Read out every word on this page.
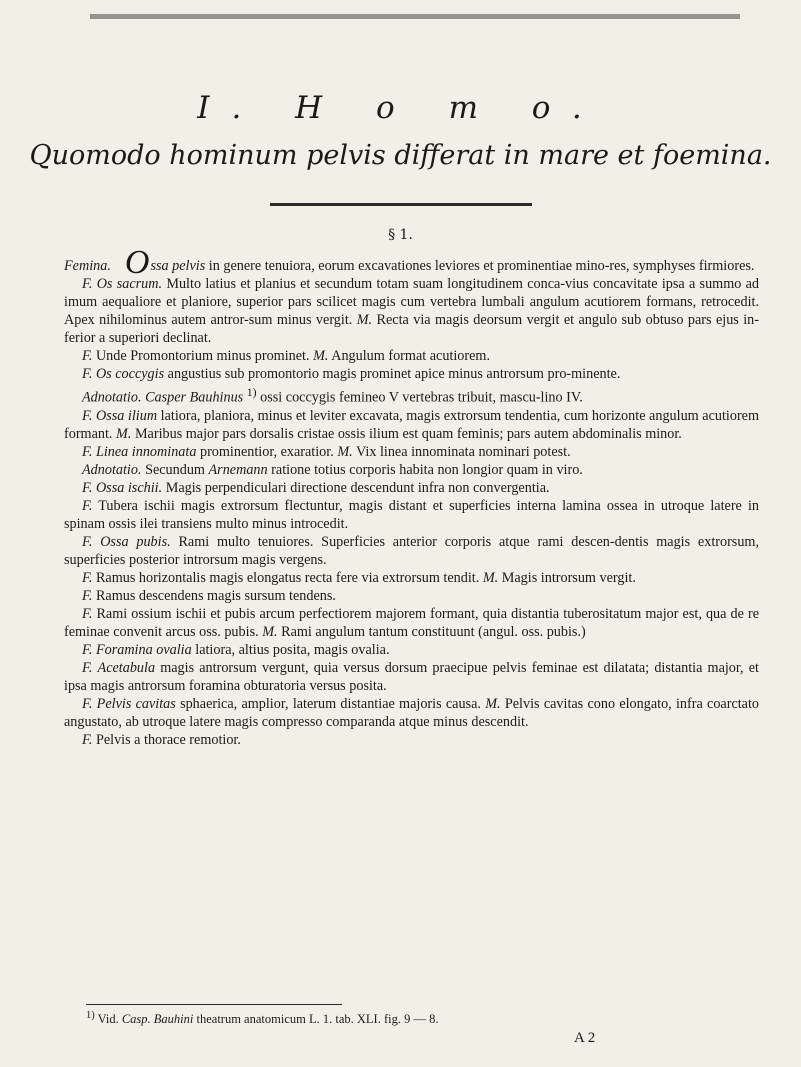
I. H o m o.
Quomodo hominum pelvis differat in mare et foemina.
§ 1.

Femina. Ossa pelvis in genere tenuiora, eorum excavationes leviores et prominentiae mino-res, symphyses firmiores.

F. Os sacrum. Multo latius et planius et secundum totam suam longitudinem conca-vius concavitate ipsa a summo ad imum aequaliore et planiore, superior pars scilicet magis cum vertebra lumbali angulum acutiorem formans, retrocedit. Apex nihilominus autem antror-sum minus vergit. M. Recta via magis deorsum vergit et angulo sub obtuso pars ejus in-ferior a superiori declinat.

F. Unde Promontorium minus prominet. M. Angulum format acutiorem.

F. Os coccygis angustius sub promontorio magis prominet apice minus antrorsum pro-minente.

Adnotatio. Casper Bauhinus $^{1)}$ ossi coccygis femineo V vertebras tribuit, mascu-lino IV.

F. Ossa ilium latiora, planiora, minus et leviter excavata, magis extrorsum tendentia, cum horizonte angulum acutiorem formant. M. Maribus major pars dorsalis cristae ossis ilium est quam feminis; pars autem abdominalis minor.

F. Linea innominata prominentior, exaratior. M. Vix linea innominata nominari potest.

Adnotatio. Secundum Arnemann ratione totius corporis habita non longior quam in viro.

F. Ossa ischii. Magis perpendiculari directione descendunt infra non convergentia.

F. Tubera ischii magis extrorsum flectuntur, magis distant et superficies interna lamina ossea in utroque latere in spinam ossis ilei transiens multo minus introcedit.

F. Ossa pubis. Rami multo tenuiores. Superficies anterior corporis atque rami descen-dentis magis extrorsum, superficies posterior introrsum magis vergens.

F. Ramus horizontalis magis elongatus recta fere via extrorsum tendit. M. Magis introrsum vergit.

F. Ramus descendens magis sursum tendens.

F. Rami ossium ischii et pubis arcum perfectiorem majorem formant, quia distantia tuberositatum major est, qua de re feminae convenit arcus oss. pubis. M. Rami angulum tantum constituunt (angul. oss. pubis.)

F. Foramina ovalia latiora, altius posita, magis ovalia.

F. Acetabula magis antrorsum vergunt, quia versus dorsum praecipue pelvis feminae est dilatata; distantia major, et ipsa magis antrorsum foramina obturatoria versus posita.

F. Pelvis cavitas sphaerica, amplior, laterum distantiae majoris causa. M. Pelvis cavitas cono elongato, infra coarctato angustato, ab utroque latere magis compresso comparanda atque minus descendit.

F. Pelvis a thorace remotior.

$^{1)}$ Vid. Casp. Bauhini theatrum anatomicum L. 1. tab. XLI. fig. 9 — 8.
A 2
